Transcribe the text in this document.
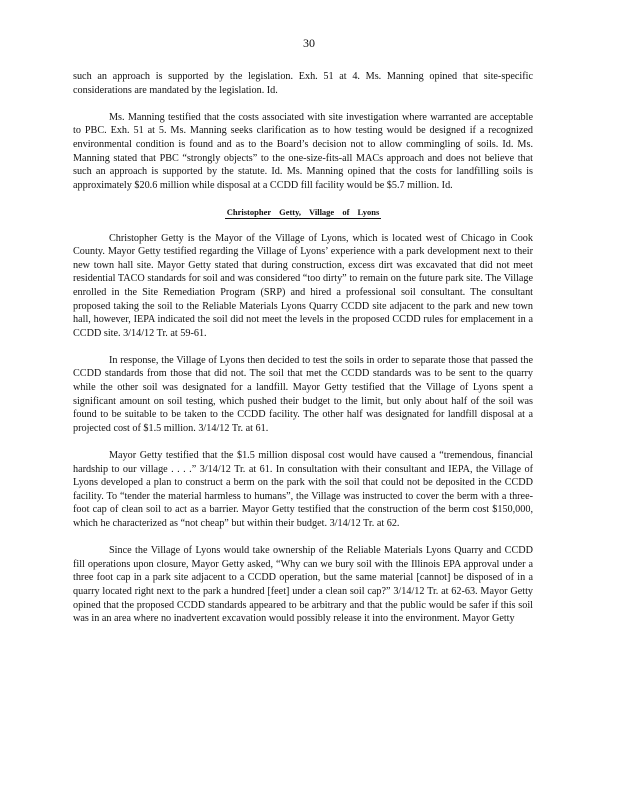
30

such an approach is supported by the legislation. Exh. 51 at 4. Ms. Manning opined that site-specific considerations are mandated by the legislation. Id.

Ms. Manning testified that the costs associated with site investigation where warranted are acceptable to PBC. Exh. 51 at 5. Ms. Manning seeks clarification as to how testing would be designed if a recognized environmental condition is found and as to the Board’s decision not to allow commingling of soils. Id. Ms. Manning stated that PBC “strongly objects” to the one-size-fits-all MACs approach and does not believe that such an approach is supported by the statute. Id. Ms. Manning opined that the costs for landfilling soils is approximately $20.6 million while disposal at a CCDD fill facility would be $5.7 million. Id.

Christopher Getty, Village of Lyons

Christopher Getty is the Mayor of the Village of Lyons, which is located west of Chicago in Cook County. Mayor Getty testified regarding the Village of Lyons’ experience with a park development next to their new town hall site. Mayor Getty stated that during construction, excess dirt was excavated that did not meet residential TACO standards for soil and was considered “too dirty” to remain on the future park site. The Village enrolled in the Site Remediation Program (SRP) and hired a professional soil consultant. The consultant proposed taking the soil to the Reliable Materials Lyons Quarry CCDD site adjacent to the park and new town hall, however, IEPA indicated the soil did not meet the levels in the proposed CCDD rules for emplacement in a CCDD site. 3/14/12 Tr. at 59-61.

In response, the Village of Lyons then decided to test the soils in order to separate those that passed the CCDD standards from those that did not. The soil that met the CCDD standards was to be sent to the quarry while the other soil was designated for a landfill. Mayor Getty testified that the Village of Lyons spent a significant amount on soil testing, which pushed their budget to the limit, but only about half of the soil was found to be suitable to be taken to the CCDD facility. The other half was designated for landfill disposal at a projected cost of $1.5 million. 3/14/12 Tr. at 61.

Mayor Getty testified that the $1.5 million disposal cost would have caused a “tremendous, financial hardship to our village . . . .” 3/14/12 Tr. at 61. In consultation with their consultant and IEPA, the Village of Lyons developed a plan to construct a berm on the park with the soil that could not be deposited in the CCDD facility. To “tender the material harmless to humans”, the Village was instructed to cover the berm with a three-foot cap of clean soil to act as a barrier. Mayor Getty testified that the construction of the berm cost $150,000, which he characterized as “not cheap” but within their budget. 3/14/12 Tr. at 62.

Since the Village of Lyons would take ownership of the Reliable Materials Lyons Quarry and CCDD fill operations upon closure, Mayor Getty asked, “Why can we bury soil with the Illinois EPA approval under a three foot cap in a park site adjacent to a CCDD operation, but the same material [cannot] be disposed of in a quarry located right next to the park a hundred [feet] under a clean soil cap?” 3/14/12 Tr. at 62-63. Mayor Getty opined that the proposed CCDD standards appeared to be arbitrary and that the public would be safer if this soil was in an area where no inadvertent excavation would possibly release it into the environment. Mayor Getty
